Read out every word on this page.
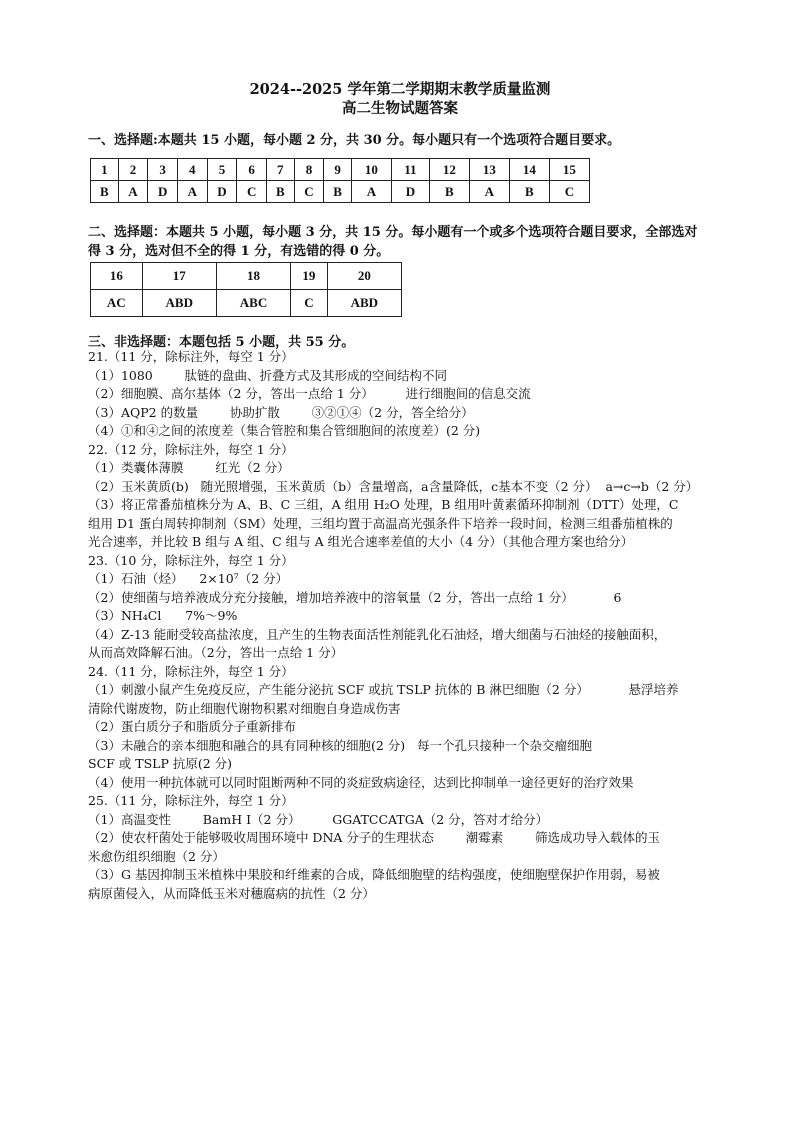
2024--2025 学年第二学期期末教学质量监测
高二生物试题答案
一、选择题:本题共 15 小题，每小题 2 分，共 30 分。每小题只有一个选项符合题目要求。
1	2	3	4	5	6	7	8	9	10	11	12	13	14	15
B	A	D	A	D	C	B	C	B	A	D	B	A	B	C
二、选择题：本题共 5 小题，每小题 3 分，共 15 分。每小题有一个或多个选项符合题目要求，全部选对
得 3 分，选对但不全的得 1 分，有选错的得 0 分。
16	17	18	19	20
AC	ABD	ABC	C	ABD
三、非选择题：本题包括 5 小题，共 55 分。
21.（11 分，除标注外，每空 1 分）
（1）1080        肽链的盘曲、折叠方式及其形成的空间结构不同
（2）细胞膜、高尔基体（2 分，答出一点给 1 分）        进行细胞间的信息交流
（3）AQP2 的数量        协助扩散        ③②①④（2 分，答全给分）
（4）①和④之间的浓度差（集合管腔和集合管细胞间的浓度差）(2 分)
22.（12 分，除标注外，每空 1 分）
（1）类囊体薄膜        红光（2 分）
（2）玉米黄质(b)   随光照增强，玉米黄质（b）含量增高，a含量降低，c基本不变（2 分）  a→c→b（2 分）
（3）将正常番茄植株分为 A、B、C 三组，A 组用 H₂O 处理，B 组用叶黄素循环抑制剂（DTT）处理，C
组用 D1 蛋白周转抑制剂（SM）处理，三组均置于高温高光强条件下培养一段时间，检测三组番茄植株的
光合速率，并比较 B 组与 A 组、C 组与 A 组光合速率差值的大小（4 分）（其他合理方案也给分）
23.（10 分，除标注外，每空 1 分）
（1）石油（烃）    2×10⁷（2 分）
（2）使细菌与培养液成分充分接触，增加培养液中的溶氧量（2 分，答出一点给 1 分）          6
（3）NH₄Cl      7%～9%
（4）Z-13 能耐受较高盐浓度，且产生的生物表面活性剂能乳化石油烃，增大细菌与石油烃的接触面积，
从而高效降解石油。（2分，答出一点给 1 分）
24.（11 分，除标注外，每空 1 分）
（1）刺激小鼠产生免疫反应，产生能分泌抗 SCF 或抗 TSLP 抗体的 B 淋巴细胞（2 分）          悬浮培养
清除代谢废物，防止细胞代谢物积累对细胞自身造成伤害
（2）蛋白质分子和脂质分子重新排布
（3）未融合的亲本细胞和融合的具有同种核的细胞(2 分)   每一个孔只接种一个杂交瘤细胞
SCF 或 TSLP 抗原(2 分)
（4）使用一种抗体就可以同时阻断两种不同的炎症致病途径，达到比抑制单一途径更好的治疗效果
25.（11 分，除标注外，每空 1 分）
（1）高温变性        BamH I（2 分）        GGATCCATGA（2 分，答对才给分）
（2）使农杆菌处于能够吸收周围环境中 DNA 分子的生理状态        潮霉素        筛选成功导入载体的玉
米愈伤组织细胞（2 分）
（3）G 基因抑制玉米植株中果胶和纤维素的合成，降低细胞壁的结构强度，使细胞壁保护作用弱，易被
病原菌侵入，从而降低玉米对穗腐病的抗性（2 分）
